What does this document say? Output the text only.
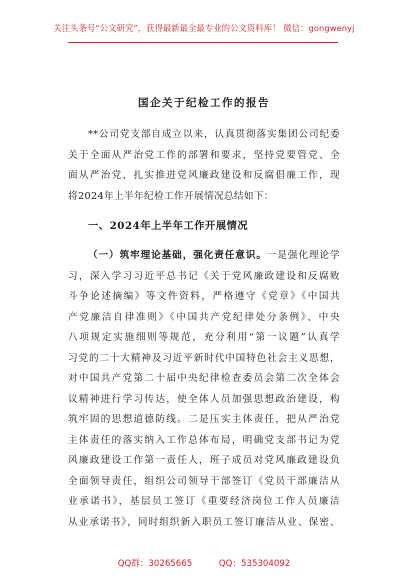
关注头条号“公文研究”，获得最新最全最专业的公文资料库！ 微信：gongwenyj
国企关于纪检工作的报告
**公司党支部自成立以来，认真贯彻落实集团公司纪委
关于全面从严治党工作的部署和要求，坚持党要管党、全
面从严治党，扎实推进党风廉政建设和反腐倡廉工作，现
将2024年上半年纪检工作开展情况总结如下：
一、2024年上半年工作开展情况
（一）筑牢理论基础，强化责任意识。一是强化理论学
习，深入学习习近平总书记《关于党风廉政建设和反腐败
斗争论述摘编》等文件资料，严格遵守《党章》《中国共
产党廉洁自律准则》《中国共产党纪律处分条例》、中央
八项规定实施细则等规范，充分利用“第一议题”认真学
习党的二十大精神及习近平新时代中国特色社会主义思想，
对中国共产党第二十届中央纪律检查委员会第二次全体会
议精神进行学习传达，使全体人员加强思想政治建设，构
筑牢固的思想道德防线。二是压实主体责任，把从严治党
主体责任的落实纳入工作总体布局，明确党支部书记为党
风廉政建设工作第一责任人，班子成员对党风廉政建设负
全面领导责任，组织公司领导干部签订《党员干部廉洁从
业承诺书》，基层员工签订《重要经济岗位工作人员廉洁
从业承诺书》，同时组织新入职员工签订廉洁从业、保密、
QQ群：30265665	QQ：535304092
